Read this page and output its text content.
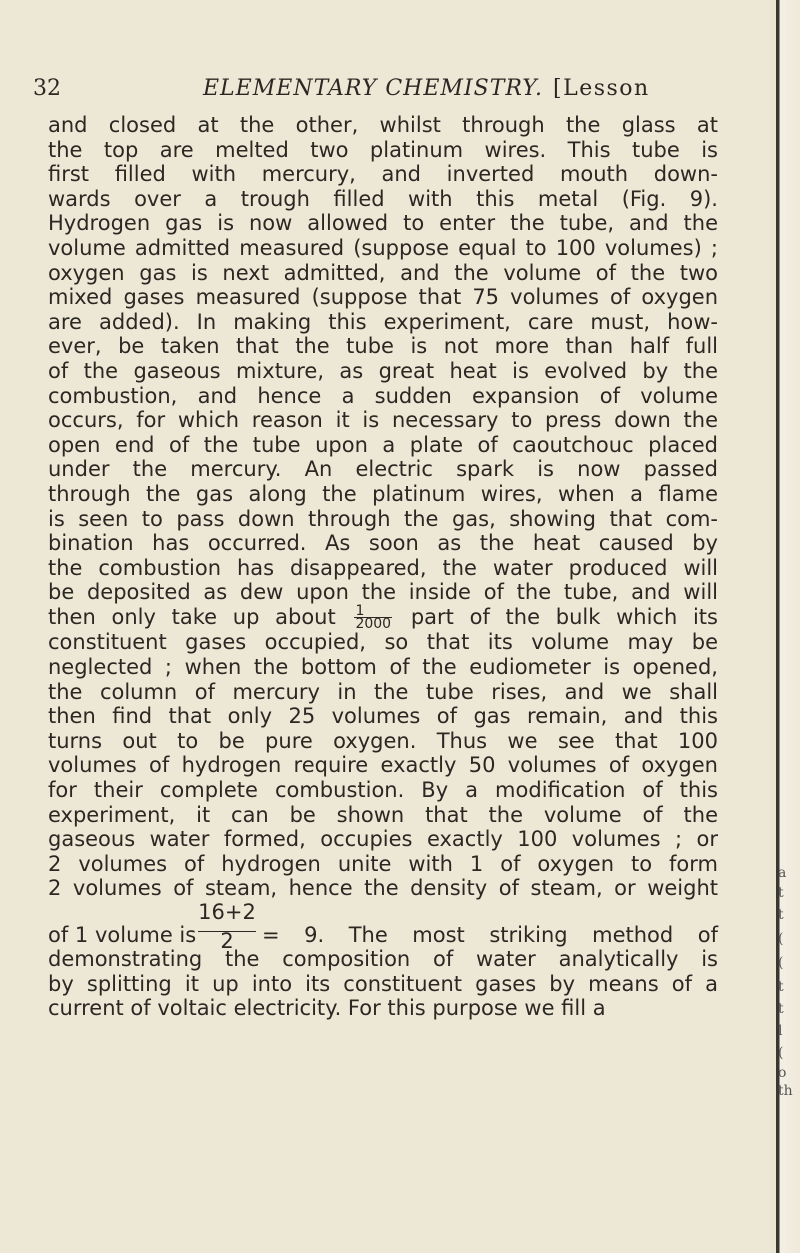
32	ELEMENTARY CHEMISTRY. [Lesson
and closed at the other, whilst through the glass at
the top are melted two platinum wires. This tube is
first filled with mercury, and inverted mouth down-
wards over a trough filled with this metal (Fig. 9).
Hydrogen gas is now allowed to enter the tube, and the
volume admitted measured (suppose equal to 100 volumes) ;
oxygen gas is next admitted, and the volume of the two
mixed gases measured (suppose that 75 volumes of oxygen
are added). In making this experiment, care must, how-
ever, be taken that the tube is not more than half full
of the gaseous mixture, as great heat is evolved by the
combustion, and hence a sudden expansion of volume
occurs, for which reason it is necessary to press down the
open end of the tube upon a plate of caoutchouc placed
under the mercury. An electric spark is now passed
through the gas along the platinum wires, when a flame
is seen to pass down through the gas, showing that com-
bination has occurred. As soon as the heat caused by
the combustion has disappeared, the water produced will
be deposited as dew upon the inside of the tube, and will
then only take up about $\frac{1}{2000}$ part of the bulk which its
constituent gases occupied, so that its volume may be
neglected ; when the bottom of the eudiometer is opened,
the column of mercury in the tube rises, and we shall
then find that only 25 volumes of gas remain, and this
turns out to be pure oxygen. Thus we see that 100
volumes of hydrogen require exactly 50 volumes of oxygen
for their complete combustion. By a modification of this
experiment, it can be shown that the volume of the
gaseous water formed, occupies exactly 100 volumes ; or
2 volumes of hydrogen unite with 1 of oxygen to form
2 volumes of steam, hence the density of steam, or weight
of 1 volume is
16+2
2	= 9. The most striking method of
demonstrating the composition of water analytically is
by splitting it up into its constituent gases by means of a
current of voltaic electricity. For this purpose we fill a
a
t
t
(
(
t
t
l
(
o
th
